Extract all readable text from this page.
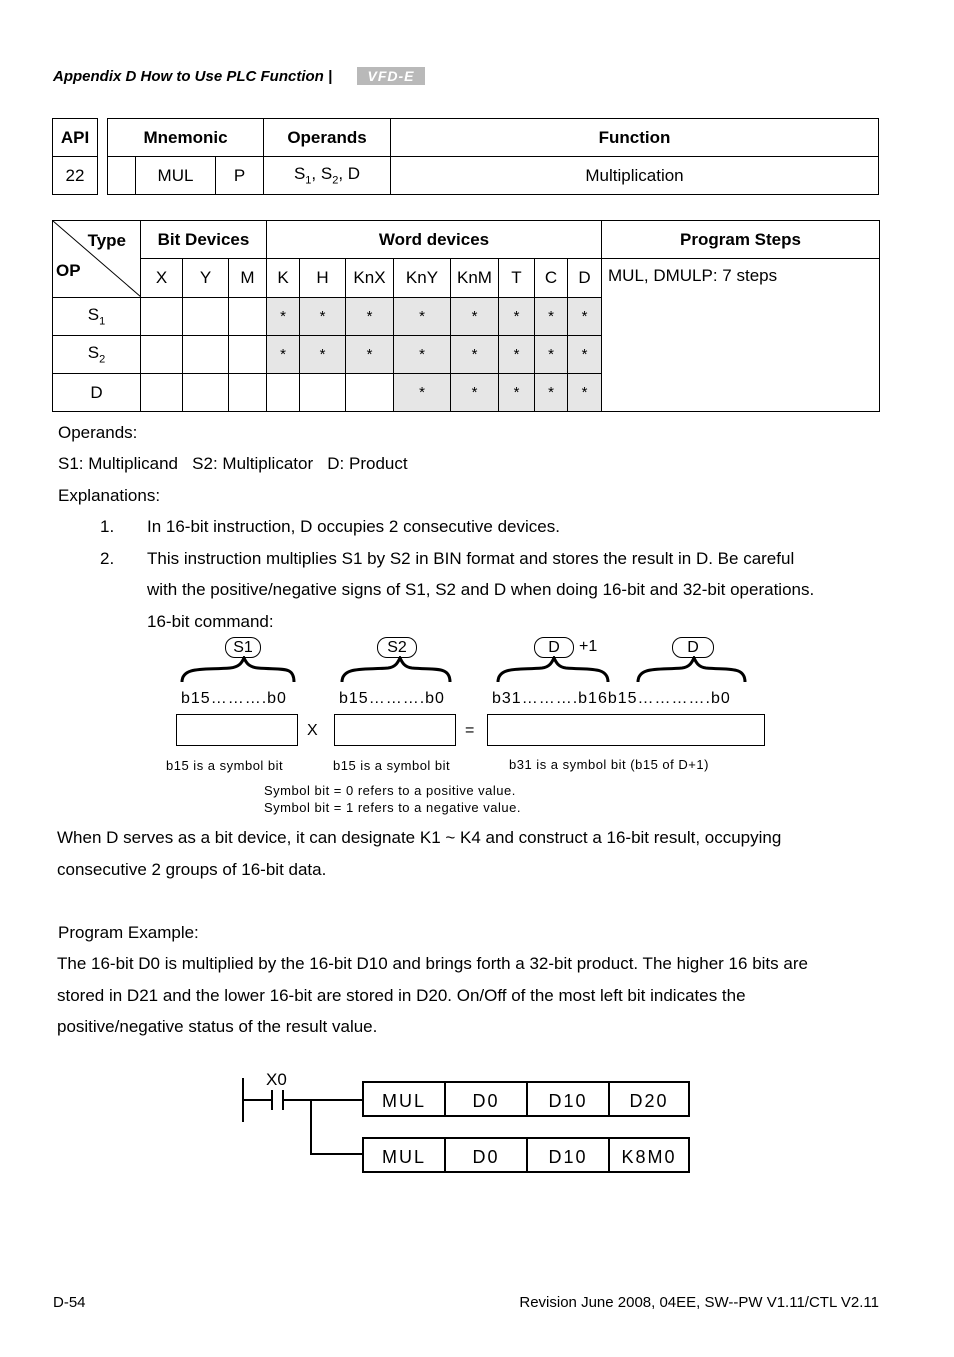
Appendix D How to Use PLC Function |	VFD-E
API		Mnemonic			Operands	Function
22			MUL	P	$S_1$, $S_2$, D	Multiplication
Type
OP	Bit Devices			Word devices								Program Steps
	X	Y	M	K	H	KnX	KnY	KnM	T	C	D	MUL, DMULP: 7 steps
$S_1$				*	*	*	*	*	*	*	*	
$S_2$				*	*	*	*	*	*	*	*	
D							*	*	*	*	*	
Operands:
S1: Multiplicand   S2: Multiplicator   D: Product
Explanations:
1. In 16-bit instruction, D occupies 2 consecutive devices.
2. This instruction multiplies S1 by S2 in BIN format and stores the result in D. Be careful
with the positive/negative signs of S1, S2 and D when doing 16-bit and 32-bit operations.
16-bit command:
S1	S2	D	+1	D
b15……….b0	b15……….b0	b31……….b16b15………….b0
X	=
b15 is a symbol bit	b15 is a symbol bit	b31 is a symbol bit (b15 of D+1)
Symbol bit = 0 refers to a positive value.
Symbol bit = 1 refers to a negative value.
When D serves as a bit device, it can designate K1 ~ K4 and construct a 16-bit result, occupying
consecutive 2 groups of 16-bit data.
Program Example:
The 16-bit D0 is multiplied by the 16-bit D10 and brings forth a 32-bit product. The higher 16 bits are
stored in D21 and the lower 16-bit are stored in D20. On/Off of the most left bit indicates the
positive/negative status of the result value.
X0
MUL	D0	D10	D20
MUL	D0	D10	K8M0
D-54	Revision June 2008, 04EE, SW--PW V1.11/CTL V2.11
